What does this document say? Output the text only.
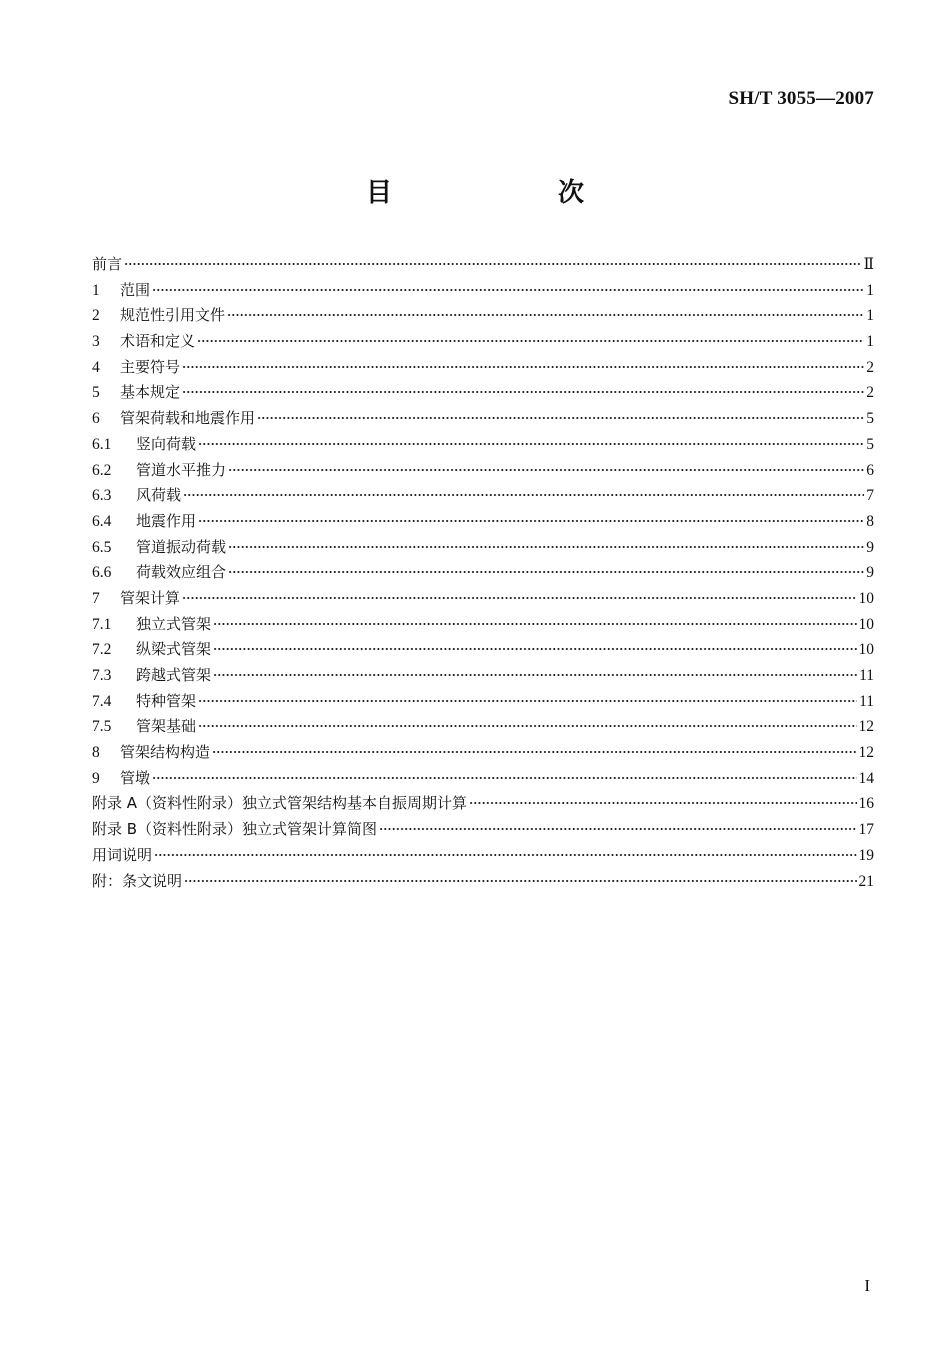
SH/T 3055—2007
目　次
前言	Ⅱ
1	范围	1
2	规范性引用文件	1
3	术语和定义	1
4	主要符号	2
5	基本规定	2
6	管架荷载和地震作用	5
6.1	竖向荷载	5
6.2	管道水平推力	6
6.3	风荷载	7
6.4	地震作用	8
6.5	管道振动荷载	9
6.6	荷载效应组合	9
7	管架计算	10
7.1	独立式管架	10
7.2	纵梁式管架	10
7.3	跨越式管架	11
7.4	特种管架	11
7.5	管架基础	12
8	管架结构构造	12
9	管墩	14
附录 A（资料性附录）独立式管架结构基本自振周期计算	16
附录 B（资料性附录）独立式管架计算简图	17
用词说明	19
附：条文说明	21
I
